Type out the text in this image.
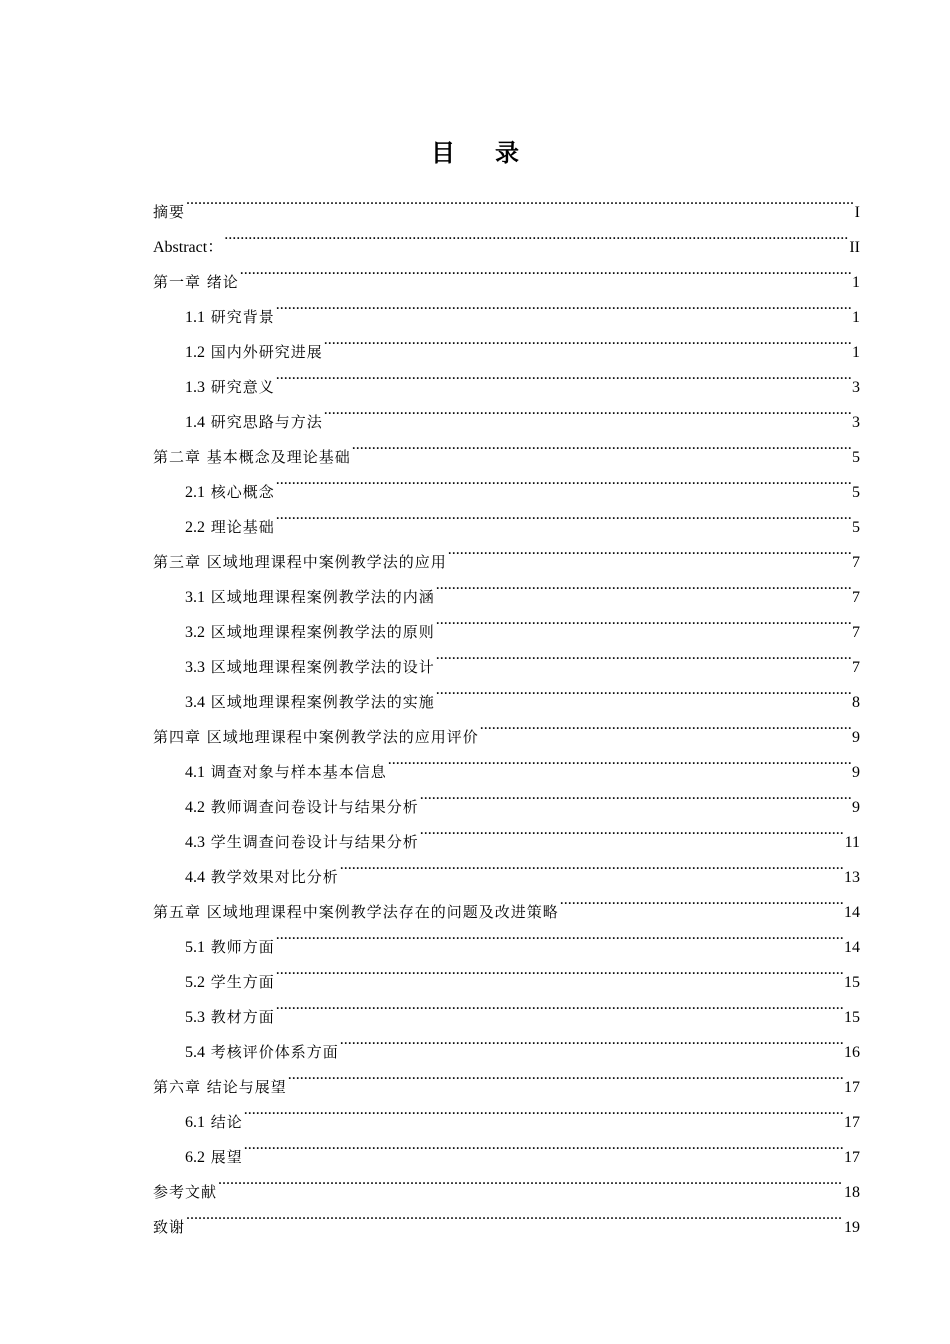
目 录
摘要 .....	I
Abstract： .....	II
第一章 绪论 .....	1
1.1 研究背景 .....	1
1.2 国内外研究进展 .....	1
1.3 研究意义 .....	3
1.4 研究思路与方法 .....	3
第二章 基本概念及理论基础 .....	5
2.1 核心概念 .....	5
2.2 理论基础 .....	5
第三章 区域地理课程中案例教学法的应用 .....	7
3.1 区域地理课程案例教学法的内涵 .....	7
3.2 区域地理课程案例教学法的原则 .....	7
3.3 区域地理课程案例教学法的设计 .....	7
3.4 区域地理课程案例教学法的实施 .....	8
第四章 区域地理课程中案例教学法的应用评价 .....	9
4.1 调查对象与样本基本信息 .....	9
4.2 教师调查问卷设计与结果分析 .....	9
4.3 学生调查问卷设计与结果分析 .....	11
4.4 教学效果对比分析 .....	13
第五章 区域地理课程中案例教学法存在的问题及改进策略 .....	14
5.1 教师方面 .....	14
5.2 学生方面 .....	15
5.3 教材方面 .....	15
5.4 考核评价体系方面 .....	16
第六章 结论与展望 .....	17
6.1 结论 .....	17
6.2 展望 .....	17
参考文献 .....	18
致谢 .....	19
